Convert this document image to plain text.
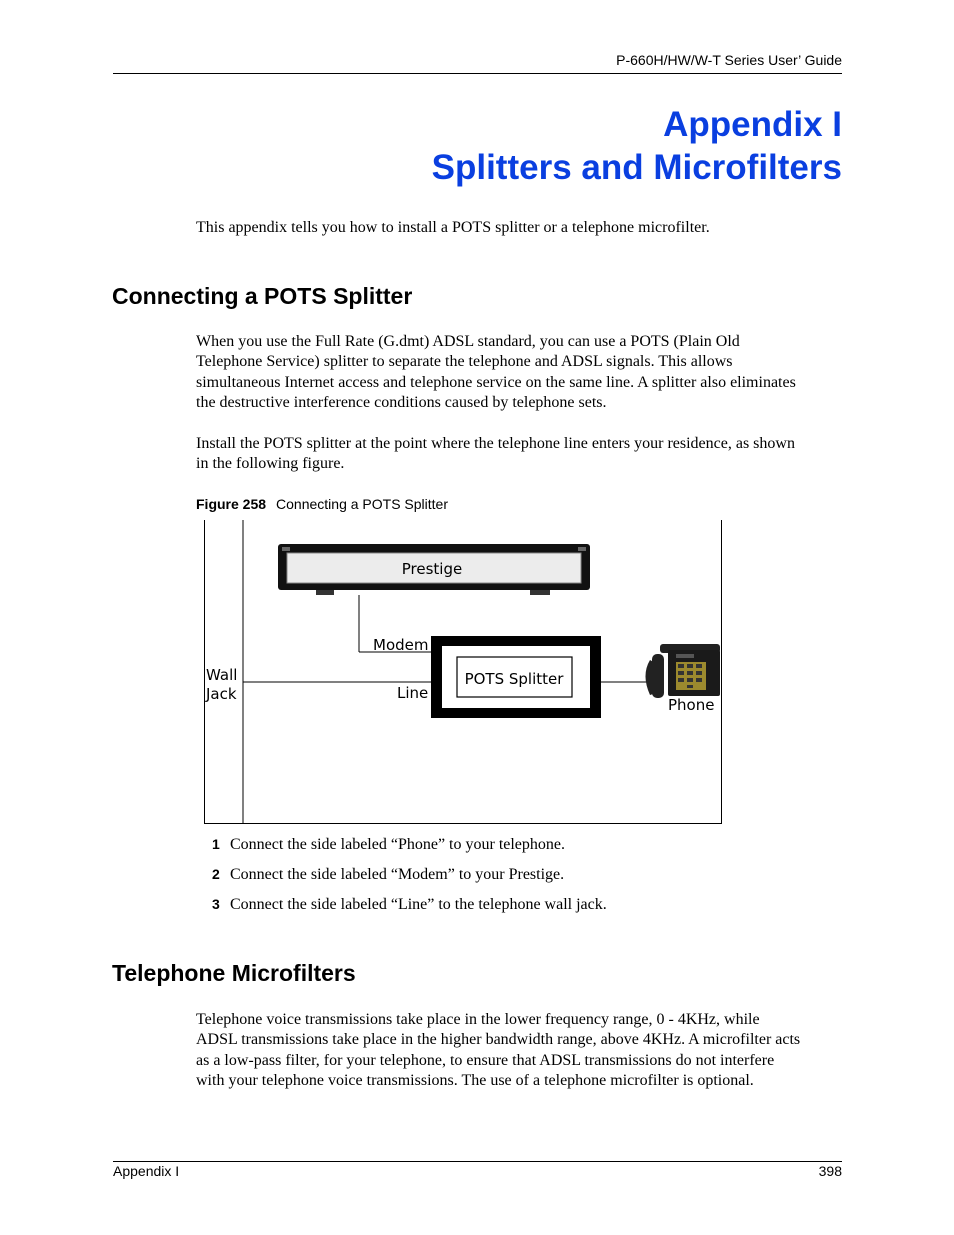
P-660H/HW/W-T Series User’ Guide
Appendix I
Splitters and Microfilters
This appendix tells you how to install a POTS splitter or a telephone microfilter.
Connecting a POTS Splitter
When you use the Full Rate (G.dmt) ADSL standard, you can use a POTS (Plain Old
Telephone Service) splitter to separate the telephone and ADSL signals. This allows
simultaneous Internet access and telephone service on the same line. A splitter also eliminates
the destructive interference conditions caused by telephone sets.
Install the POTS splitter at the point where the telephone line enters your residence, as shown
in the following figure.
Figure 258 Connecting a POTS Splitter
Prestige
Modem
Line
Wall
Jack
POTS Splitter
Phone
1 Connect the side labeled “Phone” to your telephone.
2 Connect the side labeled “Modem” to your Prestige.
3 Connect the side labeled “Line” to the telephone wall jack.
Telephone Microfilters
Telephone voice transmissions take place in the lower frequency range, 0 - 4KHz, while
ADSL transmissions take place in the higher bandwidth range, above 4KHz. A microfilter acts
as a low-pass filter, for your telephone, to ensure that ADSL transmissions do not interfere
with your telephone voice transmissions. The use of a telephone microfilter is optional.
Appendix I	398
